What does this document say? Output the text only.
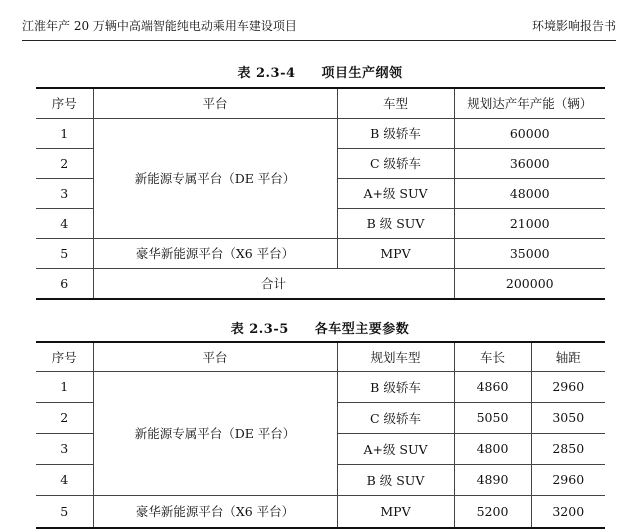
江淮年产 20 万辆中高端智能纯电动乘用车建设项目	环境影响报告书
表 2.3-4 项目生产纲领
序号	平台	车型	规划达产年产能（辆）
1	新能源专属平台（DE 平台）	B 级轿车	60000
2		C 级轿车	36000
3		A+级 SUV	48000
4		B 级 SUV	21000
5	豪华新能源平台（X6 平台）	MPV	35000
6	合计		200000
表 2.3-5 各车型主要参数
序号	平台	规划车型	车长	轴距
1	新能源专属平台（DE 平台）	B 级轿车	4860	2960
2		C 级轿车	5050	3050
3		A+级 SUV	4800	2850
4		B 级 SUV	4890	2960
5	豪华新能源平台（X6 平台）	MPV	5200	3200
